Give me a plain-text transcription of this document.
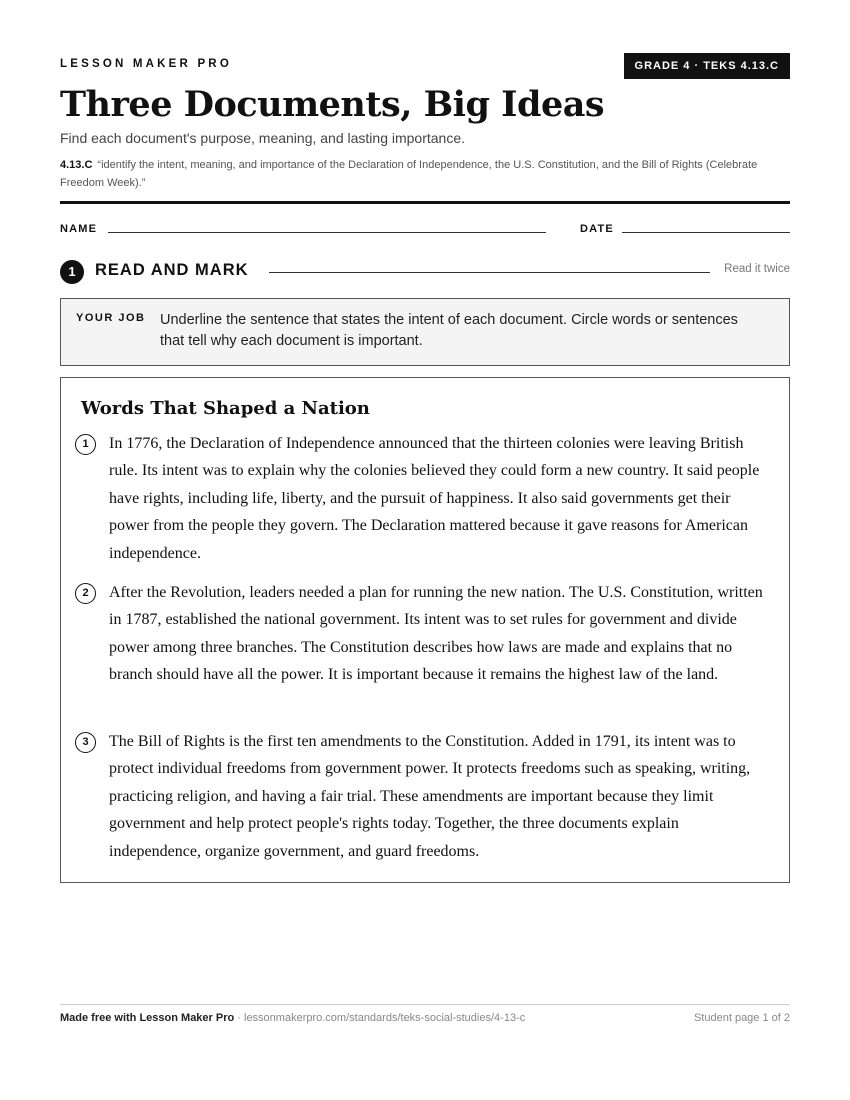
LESSON MAKER PRO	GRADE 4 · TEKS 4.13.C
Three Documents, Big Ideas
Find each document's purpose, meaning, and lasting importance.
4.13.C “identify the intent, meaning, and importance of the Declaration of Independence, the U.S. Constitution, and the Bill of Rights (Celebrate Freedom Week).”
NAME	DATE
1	READ AND MARK	Read it twice
YOUR JOB Underline the sentence that states the intent of each document. Circle words or sentences that tell why each document is important.
Words That Shaped a Nation
1	In 1776, the Declaration of Independence announced that the thirteen colonies were leaving British rule. Its intent was to explain why the colonies believed they could form a new country. It said people have rights, including life, liberty, and the pursuit of happiness. It also said governments get their power from the people they govern. The Declaration mattered because it gave reasons for American independence.
2	After the Revolution, leaders needed a plan for running the new nation. The U.S. Constitution, written in 1787, established the national government. Its intent was to set rules for government and divide power among three branches. The Constitution describes how laws are made and explains that no branch should have all the power. It is important because it remains the highest law of the land.
3	The Bill of Rights is the first ten amendments to the Constitution. Added in 1791, its intent was to protect individual freedoms from government power. It protects freedoms such as speaking, writing, practicing religion, and having a fair trial. These amendments are important because they limit government and help protect people's rights today. Together, the three documents explain independence, organize government, and guard freedoms.
Made free with Lesson Maker Pro · lessonmakerpro.com/standards/teks-social-studies/4-13-c	Student page 1 of 2
